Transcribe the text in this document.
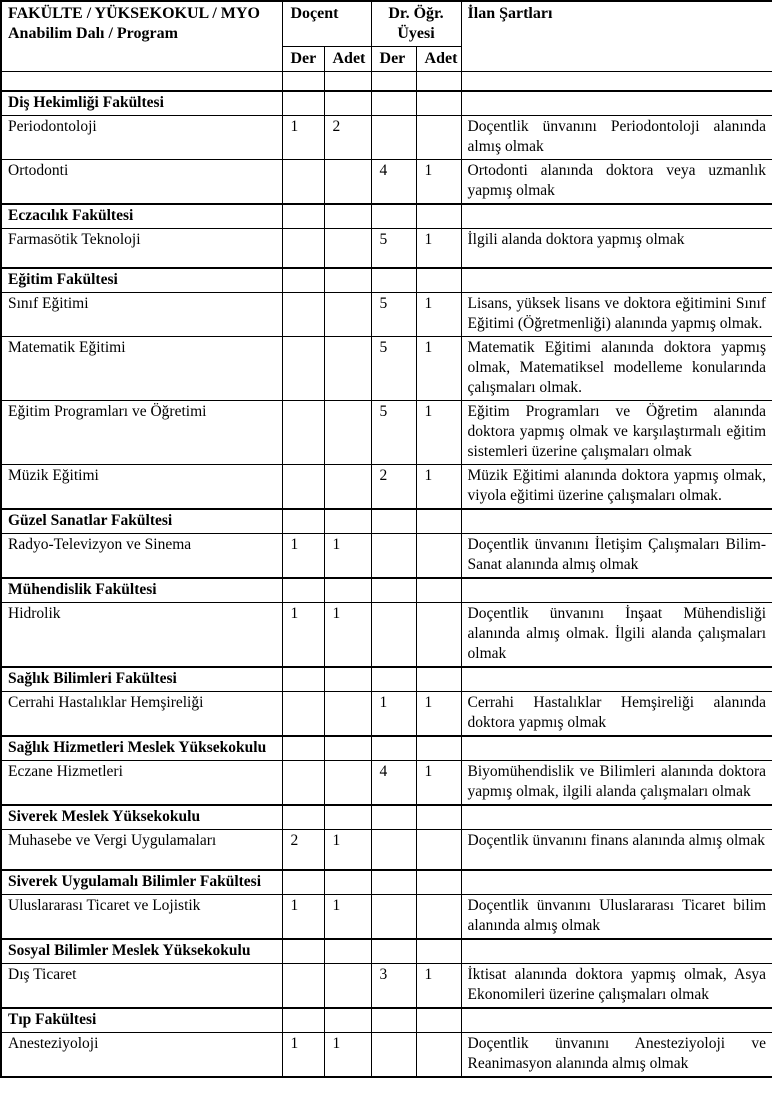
FAKÜLTE / YÜKSEKOKUL / MYO
Anabilim Dalı / Program	Doçent		Dr. Öğr. Üyesi		İlan Şartları
	Der	Adet	Der	Adet	

Diş Hekimliği Fakültesi					
Periodontoloji	1	2			Doçentlik ünvanını Periodontoloji alanında almış olmak
Ortodonti			4	1	Ortodonti alanında doktora veya uzmanlık yapmış olmak
Eczacılık Fakültesi					
Farmasötik Teknoloji			5	1	İlgili alanda doktora yapmış olmak
Eğitim Fakültesi					
Sınıf Eğitimi			5	1	Lisans, yüksek lisans ve doktora eğitimini Sınıf Eğitimi (Öğretmenliği) alanında yapmış olmak.
Matematik Eğitimi			5	1	Matematik Eğitimi alanında doktora yapmış olmak, Matematiksel modelleme konularında çalışmaları olmak.
Eğitim Programları ve Öğretimi			5	1	Eğitim Programları ve Öğretim alanında doktora yapmış olmak ve karşılaştırmalı eğitim sistemleri üzerine çalışmaları olmak
Müzik Eğitimi			2	1	Müzik Eğitimi alanında doktora yapmış olmak, viyola eğitimi üzerine çalışmaları olmak.
Güzel Sanatlar Fakültesi					
Radyo-Televizyon ve Sinema	1	1			Doçentlik ünvanını İletişim Çalışmaları Bilim-Sanat alanında almış olmak
Mühendislik Fakültesi					
Hidrolik	1	1			Doçentlik ünvanını İnşaat Mühendisliği alanında almış olmak. İlgili alanda çalışmaları olmak
Sağlık Bilimleri Fakültesi					
Cerrahi Hastalıklar Hemşireliği			1	1	Cerrahi Hastalıklar Hemşireliği alanında doktora yapmış olmak
Sağlık Hizmetleri Meslek Yüksekokulu					
Eczane Hizmetleri			4	1	Biyomühendislik ve Bilimleri alanında doktora yapmış olmak, ilgili alanda çalışmaları olmak
Siverek Meslek Yüksekokulu					
Muhasebe ve Vergi Uygulamaları	2	1			Doçentlik ünvanını finans alanında almış olmak
Siverek Uygulamalı Bilimler Fakültesi					
Uluslararası Ticaret ve Lojistik	1	1			Doçentlik ünvanını Uluslararası Ticaret bilim alanında almış olmak
Sosyal Bilimler Meslek Yüksekokulu					
Dış Ticaret			3	1	İktisat alanında doktora yapmış olmak, Asya Ekonomileri üzerine çalışmaları olmak
Tıp Fakültesi					
Anesteziyoloji	1	1			Doçentlik ünvanını Anesteziyoloji ve Reanimasyon alanında almış olmak
